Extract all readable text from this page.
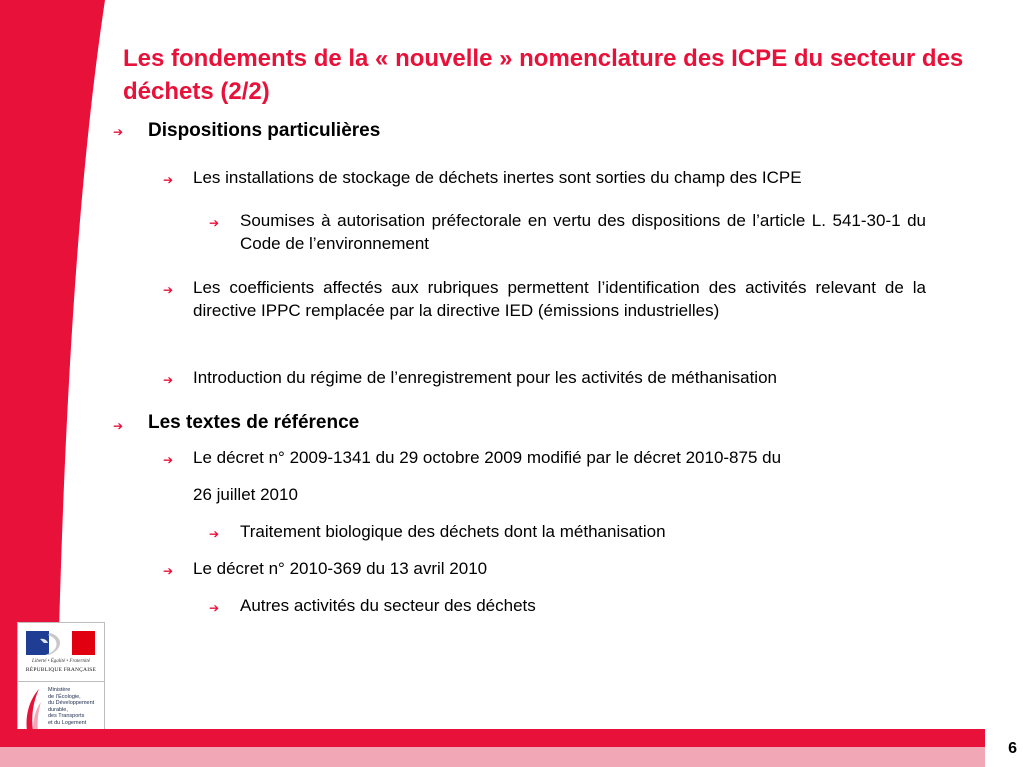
Les fondements de la « nouvelle » nomenclature des ICPE du secteur des déchets (2/2)
➔ Dispositions particulières
➔ Les installations de stockage de déchets inertes sont sorties du champ des ICPE
➔ Soumises à autorisation préfectorale en vertu des dispositions de l’article L. 541-30-1 du Code de l’environnement
➔ Les coefficients affectés aux rubriques permettent l’identification des activités relevant de la directive IPPC remplacée par la directive IED (émissions industrielles)
➔ Introduction du régime de l’enregistrement pour les activités de méthanisation
➔ Les textes de référence
➔ Le décret n° 2009-1341 du 29 octobre 2009 modifié par le décret 2010-875 du
26 juillet 2010
➔ Traitement biologique des déchets dont la méthanisation
➔ Le décret n° 2010-369 du 13 avril 2010
➔ Autres activités du secteur des déchets
Liberté • Égalité • Fraternité
RÉPUBLIQUE FRANÇAISE
Ministère
de l’Écologie,
du Développement
durable,
des Transports
et du Logement
6
